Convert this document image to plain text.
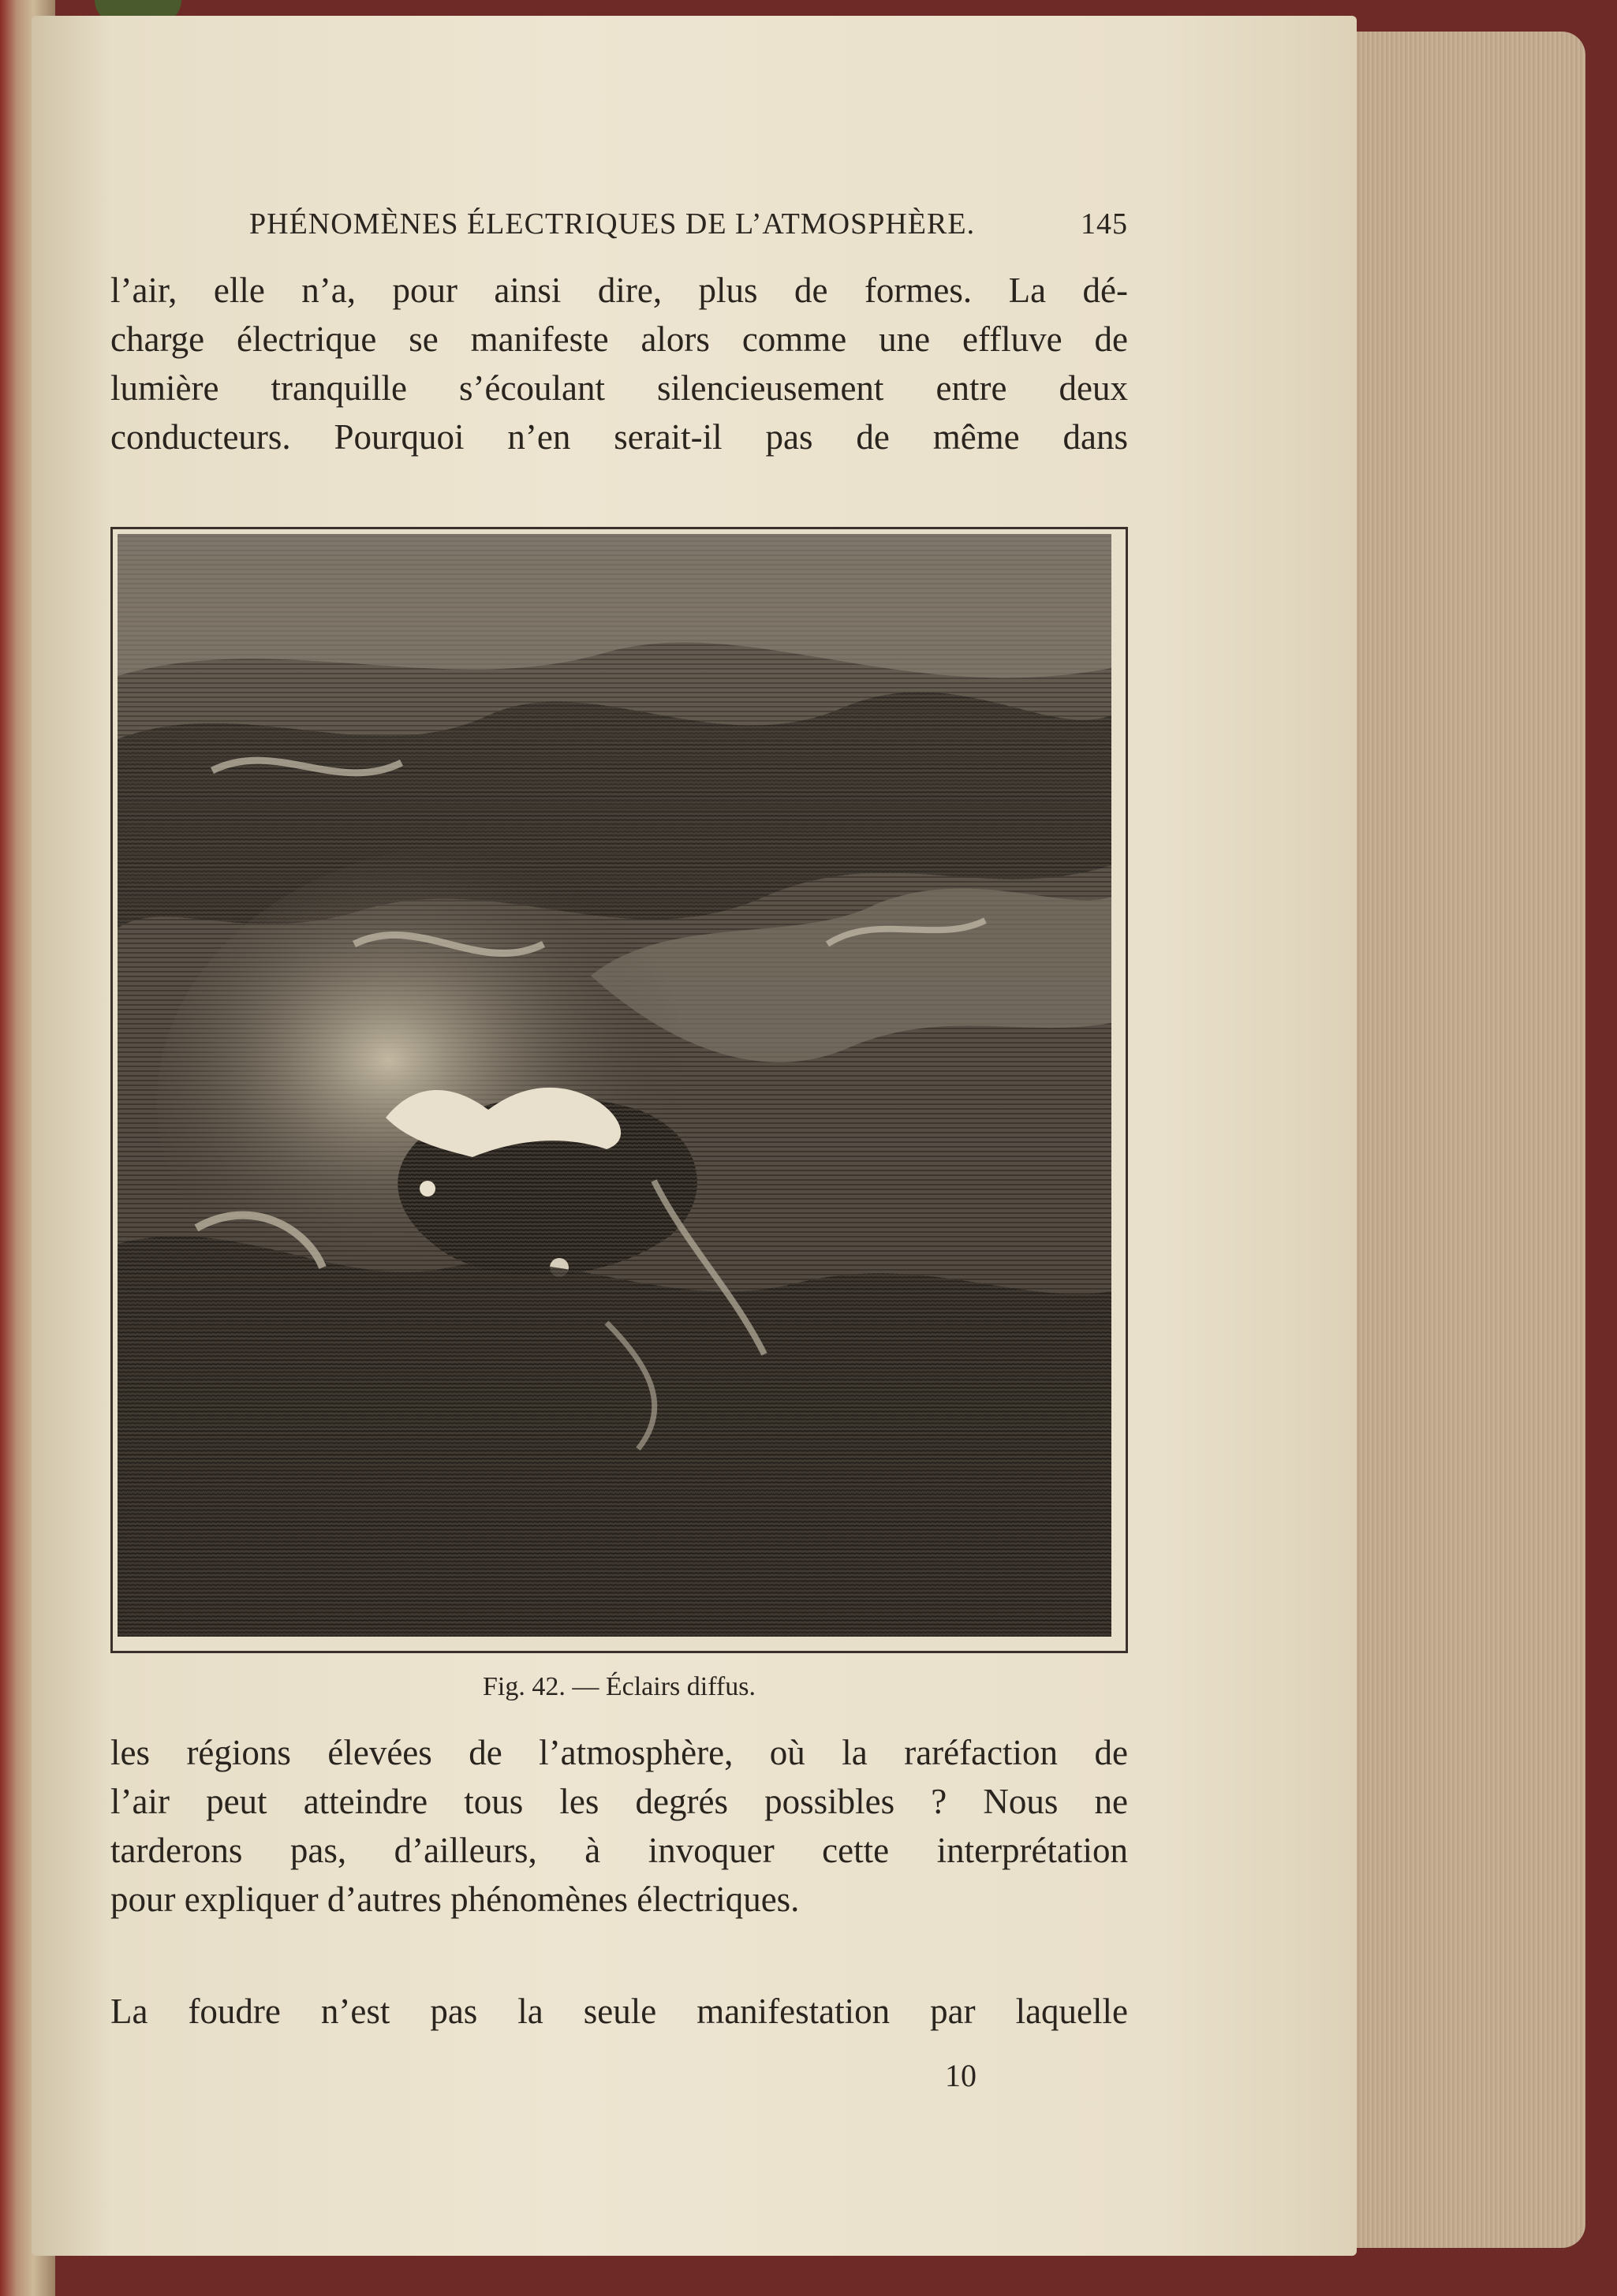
PHÉNOMÈNES ÉLECTRIQUES DE L’ATMOSPHÈRE.	145

l’air, elle n’a, pour ainsi dire, plus de formes. La dé-

charge électrique se manifeste alors comme une effluve de

lumière tranquille s’écoulant silencieusement entre deux

conducteurs. Pourquoi n’en serait-il pas de même dans

Fig. 42. — Éclairs diffus.

les régions élevées de l’atmosphère, où la raréfaction de

l’air peut atteindre tous les degrés possibles ? Nous ne

tarderons pas, d’ailleurs, à invoquer cette interprétation

pour expliquer d’autres phénomènes électriques.

La foudre n’est pas la seule manifestation par laquelle

10
